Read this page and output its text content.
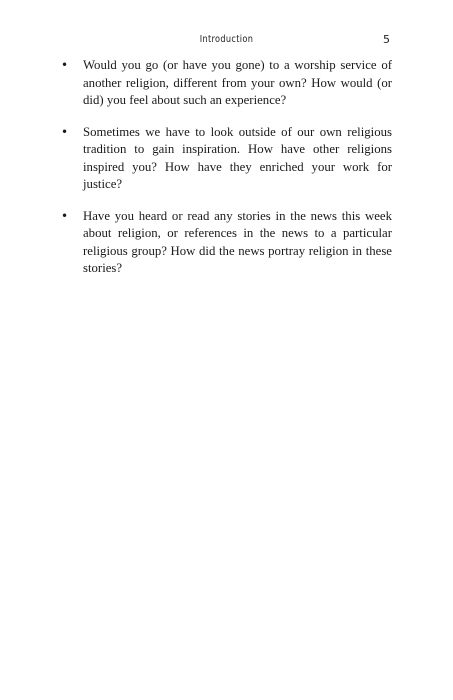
Introduction	5
• Would you go (or have you gone) to a worship service of another religion, different from your own? How would (or did) you feel about such an experience?
• Sometimes we have to look outside of our own religious tradition to gain inspiration. How have other religions inspired you? How have they enriched your work for justice?
• Have you heard or read any stories in the news this week about religion, or references in the news to a particular religious group? How did the news portray religion in these stories?
